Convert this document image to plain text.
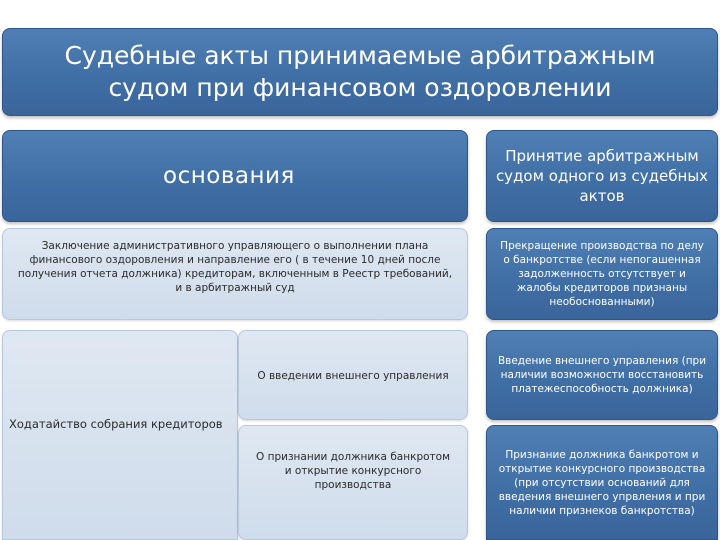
Судебные акты принимаемые арбитражным судом при финансовом оздоровлении
основания
Принятие арбитражным судом одного из судебных актов
Заключение административного управляющего о выполнении плана финансового оздоровления и направление его ( в течение 10 дней после получения отчета должника) кредиторам, включенным в Реестр требований, и в арбитражный суд
Прекращение производства по делу о банкротстве (если непогашенная задолженность отсутствует и жалобы кредиторов признаны необоснованными)
Ходатайство собрания кредиторов
О введении внешнего управления
О признании должника банкротом и открытие конкурсного производства
Введение внешнего управления (при наличии возможности восстановить платежеспособность должника)
Признание должника банкротом и открытие конкурсного производства (при отсутствии оснований для введения внешнего упрвления и при наличии признеков банкротства)
